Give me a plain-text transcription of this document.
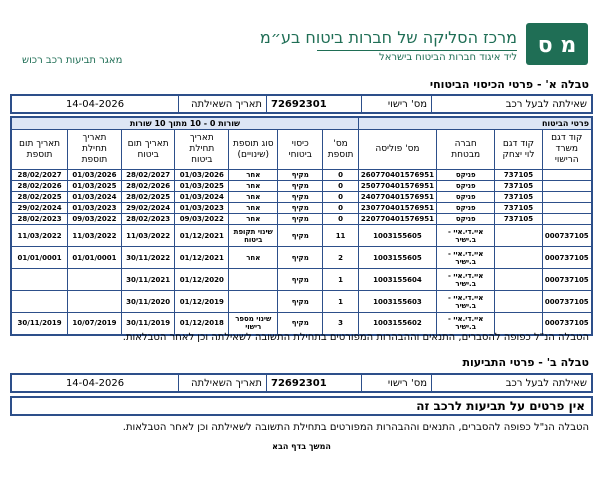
מ ס
מרכז הסליקה של חברות ביטוח בע״מ
ליד איגוד חברות הביטוח בישראל
מאגר תביעות רכב רכוש
טבלה א' - פרטי הכיסוי הביטוחי
שאילתה לבעל רכב
מס' רישוי
72692301
תאריך השאילתה
14-04-2026
פרטי הביטוח				שורות 0 - 10 מתוך 10 שורות						
קוד דגם משרד הרישוי	קוד דגם לוי יצחק	חברה מבטחת	מס' פוליסה	מס' תוספת	כיסוי ביטוחי	סוג תוספת (שינויים)	תאריך תחילת ביטוח	תאריך תום ביטוח	תאריך תחילת תוספת	תאריך תום תוספת
	737105	פניקס	260770401576951	0	מקיף	אחר	01/03/2026	28/02/2027	01/03/2026	28/02/2027
	737105	פניקס	250770401576951	0	מקיף	אחר	01/03/2025	28/02/2026	01/03/2025	28/02/2026
	737105	פניקס	240770401576951	0	מקיף	אחר	01/03/2024	28/02/2025	01/03/2024	28/02/2025
	737105	פניקס	230770401576951	0	מקיף	אחר	01/03/2023	29/02/2024	01/03/2023	29/02/2024
	737105	פניקס	220770401576951	0	מקיף	אחר	09/03/2022	28/02/2023	09/03/2022	28/02/2023
000737105		איי.די.איי - ב.ישיר	1003155605	11	מקיף	שינוי תקופת ביטוח	01/12/2021	11/03/2022	11/03/2022	11/03/2022
000737105		איי.די.איי - ב.ישיר	1003155605	2	מקיף	אחר	01/12/2021	30/11/2022	01/01/0001	01/01/0001
000737105		איי.די.איי - ב.ישיר	1003155604	1	מקיף		01/12/2020	30/11/2021		
000737105		איי.די.איי - ב.ישיר	1003155603	1	מקיף		01/12/2019	30/11/2020		
000737105		איי.די.איי - ב.ישיר	1003155602	3	מקיף	שינוי מספר רישוי	01/12/2018	30/11/2019	10/07/2019	30/11/2019
הטבלה הנ"ל כפופה להסברים, התנאים וההבהרות המפורטים בתחילת התשובה לשאילתה וכן לאחר הטבלאות.
טבלה ב' - פרטי התביעות
שאילתה לבעל רכב
מס' רישוי
72692301
תאריך השאילתה
14-04-2026
אין פרטים על תביעות לרכב זה
הטבלה הנ"ל כפופה להסברים, התנאים וההבהרות המפורטים בתחילת התשובה לשאילתה וכן לאחר הטבלאות.
המשך בדף הבא
